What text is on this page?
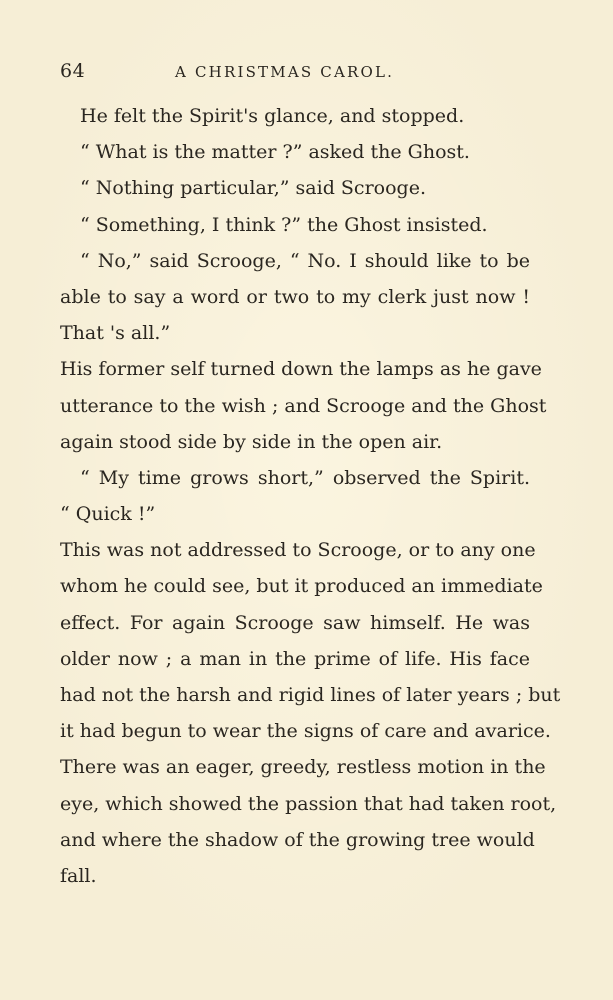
64	A CHRISTMAS CAROL.
He felt the Spirit's glance, and stopped.
“ What is the matter ?” asked the Ghost.
“ Nothing particular,” said Scrooge.
“ Something, I think ?” the Ghost insisted.
“ No,” said Scrooge, “ No. I should like to be
able to say a word or two to my clerk just now !
That 's all.”
His former self turned down the lamps as he gave
utterance to the wish ; and Scrooge and the Ghost
again stood side by side in the open air.
“ My time grows short,” observed the Spirit.
“ Quick !”
This was not addressed to Scrooge, or to any one
whom he could see, but it produced an immediate
effect. For again Scrooge saw himself. He was
older now ; a man in the prime of life. His face
had not the harsh and rigid lines of later years ; but
it had begun to wear the signs of care and avarice.
There was an eager, greedy, restless motion in the
eye, which showed the passion that had taken root,
and where the shadow of the growing tree would
fall.
